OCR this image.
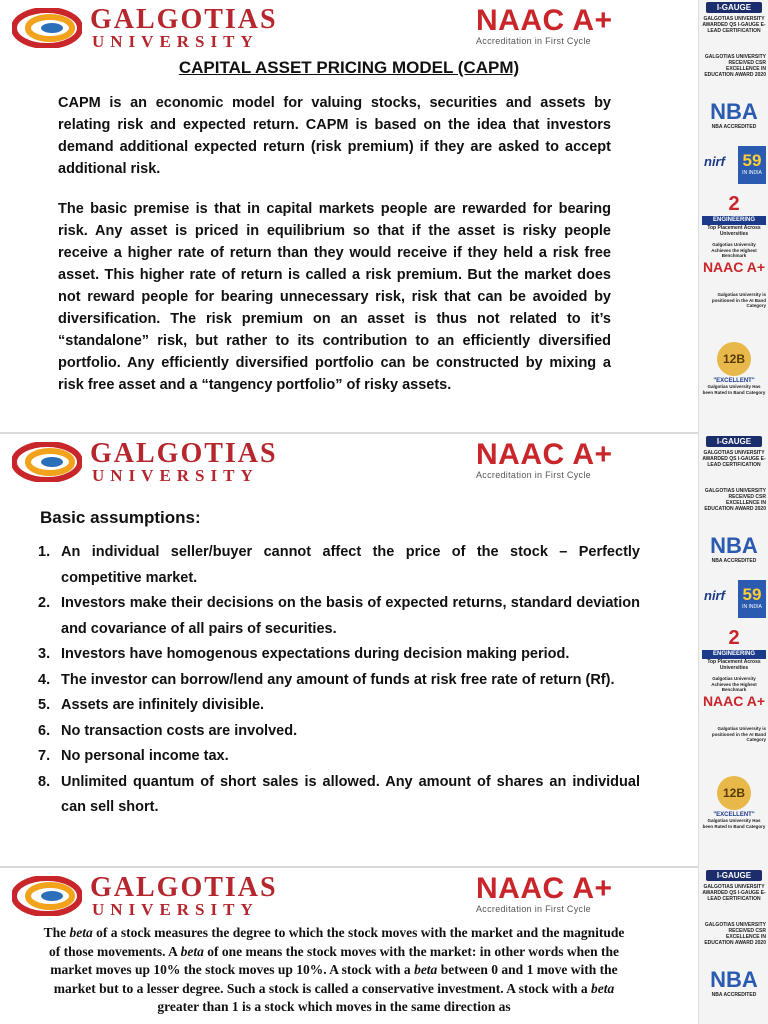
GALGOTIAS
UNIVERSITY
NAAC A+
Accreditation in First Cycle
CAPITAL ASSET PRICING MODEL (CAPM)

CAPM is an economic model for valuing stocks, securities and assets by relating risk and expected return. CAPM is based on the idea that investors demand additional expected return (risk premium) if they are asked to accept additional risk.

The basic premise is that in capital markets people are rewarded for bearing risk. Any asset is priced in equilibrium so that if the asset is risky people receive a higher rate of return than they would receive if they held a risk free asset. This higher rate of return is called a risk premium. But the market does not reward people for bearing unnecessary risk, risk that can be avoided by diversification. The risk premium on an asset is thus not related to it’s “standalone” risk, but rather to its contribution to an efficiently diversified portfolio. Any efficiently diversified portfolio can be constructed by mixing a risk free asset and a “tangency portfolio” of risky assets.

GALGOTIAS
UNIVERSITY
NAAC A+
Accreditation in First Cycle
Basic assumptions:
1. An individual seller/buyer cannot affect the price of the stock – Perfectly competitive market.
2. Investors make their decisions on the basis of expected returns, standard deviation and covariance of all pairs of securities.
3. Investors have homogenous expectations during decision making period.
4. The investor can borrow/lend any amount of funds at risk free rate of return (Rf).
5. Assets are infinitely divisible.
6. No transaction costs are involved.
7. No personal income tax.
8. Unlimited quantum of short sales is allowed. Any amount of shares an individual can sell short.
GALGOTIAS
UNIVERSITY
NAAC A+
Accreditation in First Cycle

The beta of a stock measures the degree to which the stock moves with the market and the magnitude of those movements. A beta of one means the stock moves with the market: in other words when the market moves up 10% the stock moves up 10%. A stock with a beta between 0 and 1 move with the market but to a lesser degree. Such a stock is called a conservative investment. A stock with a beta greater than 1 is a stock which moves in the same direction as

I-GAUGE
GALGOTIAS UNIVERSITY AWARDED QS I-GAUGE E-LEAD CERTIFICATION
GALGOTIAS UNIVERSITY RECEIVED CSR EXCELLENCE IN EDUCATION AWARD 2020
NBA
NBA ACCREDITED
nirf 59
IN INDIA
2
ENGINEERING
Top Placement Across Universities
Galgotias University Achieves the Highest Benchmark
NAAC A+
Galgotias University is positioned in the AI Band Category
12B
"EXCELLENT"
Galgotias University Has been Rated In Band Category
I-GAUGE
GALGOTIAS UNIVERSITY AWARDED QS I-GAUGE E-LEAD CERTIFICATION
GALGOTIAS UNIVERSITY RECEIVED CSR EXCELLENCE IN EDUCATION AWARD 2020
NBA
NBA ACCREDITED
nirf 59
IN INDIA
2
ENGINEERING
Top Placement Across Universities
Galgotias University Achieves the Highest Benchmark
NAAC A+
Galgotias University is positioned in the AI Band Category
12B
"EXCELLENT"
Galgotias University Has been Rated In Band Category
I-GAUGE
GALGOTIAS UNIVERSITY AWARDED QS I-GAUGE E-LEAD CERTIFICATION
GALGOTIAS UNIVERSITY RECEIVED CSR EXCELLENCE IN EDUCATION AWARD 2020
NBA
NBA ACCREDITED
